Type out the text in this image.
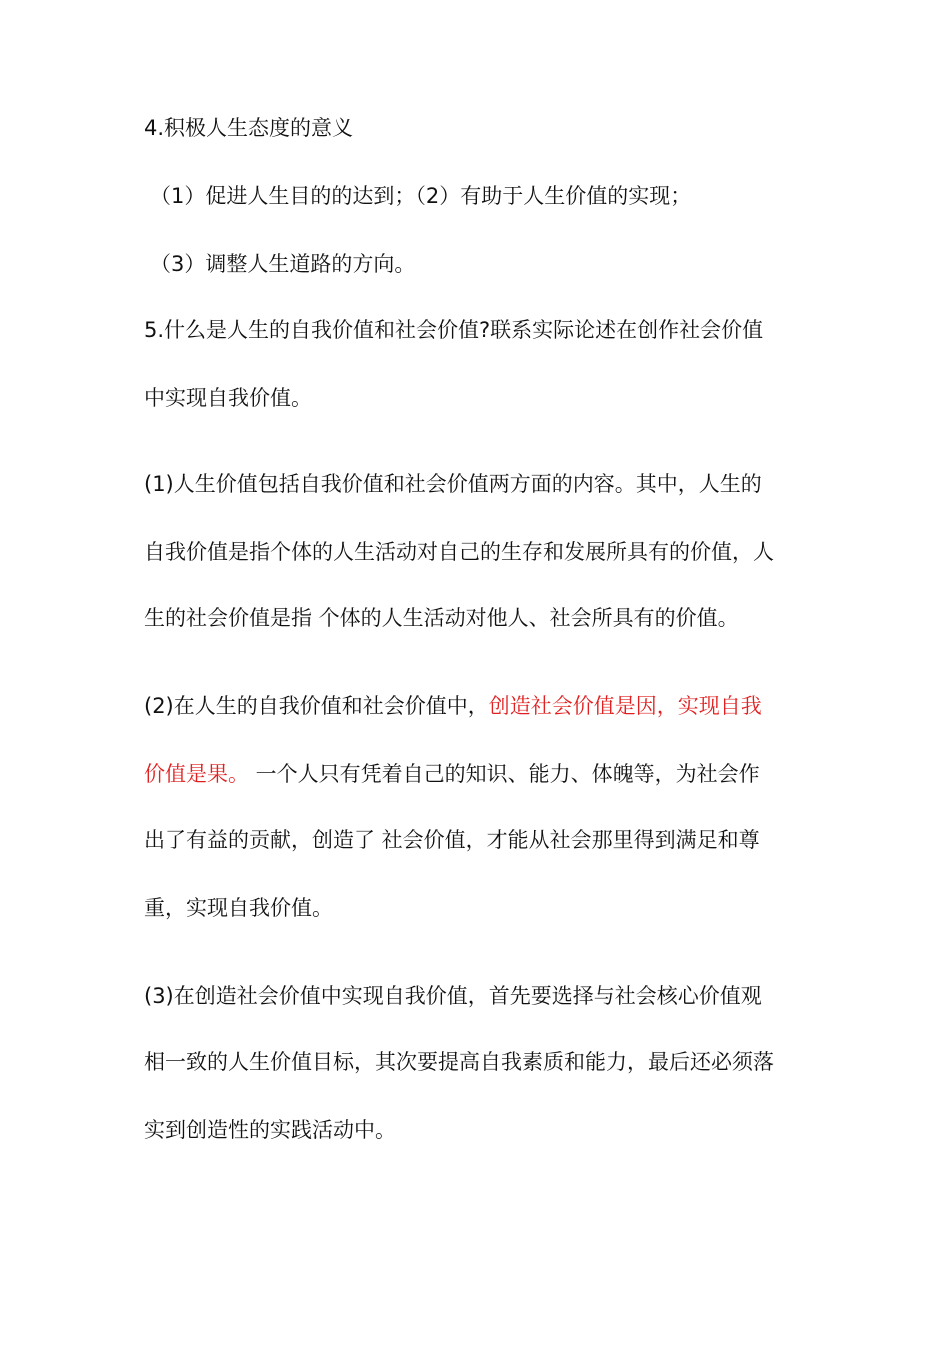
4.积极人生态度的意义
（1）促进人生目的的达到；（2）有助于人生价值的实现；
（3）调整人生道路的方向。
5.什么是人生的自我价值和社会价值?联系实际论述在创作社会价值
中实现自我价值。
(1)人生价值包括自我价值和社会价值两方面的内容。其中，人生的
自我价值是指个体的人生活动对自己的生存和发展所具有的价值，人
生的社会价值是指 个体的人生活动对他人、社会所具有的价值。
(2)在人生的自我价值和社会价值中，创造社会价值是因，实现自我
价值是果。 一个人只有凭着自己的知识、能力、体魄等，为社会作
出了有益的贡献，创造了 社会价值，才能从社会那里得到满足和尊
重，实现自我价值。
(3)在创造社会价值中实现自我价值，首先要选择与社会核心价值观
相一致的人生价值目标，其次要提高自我素质和能力，最后还必须落
实到创造性的实践活动中。
